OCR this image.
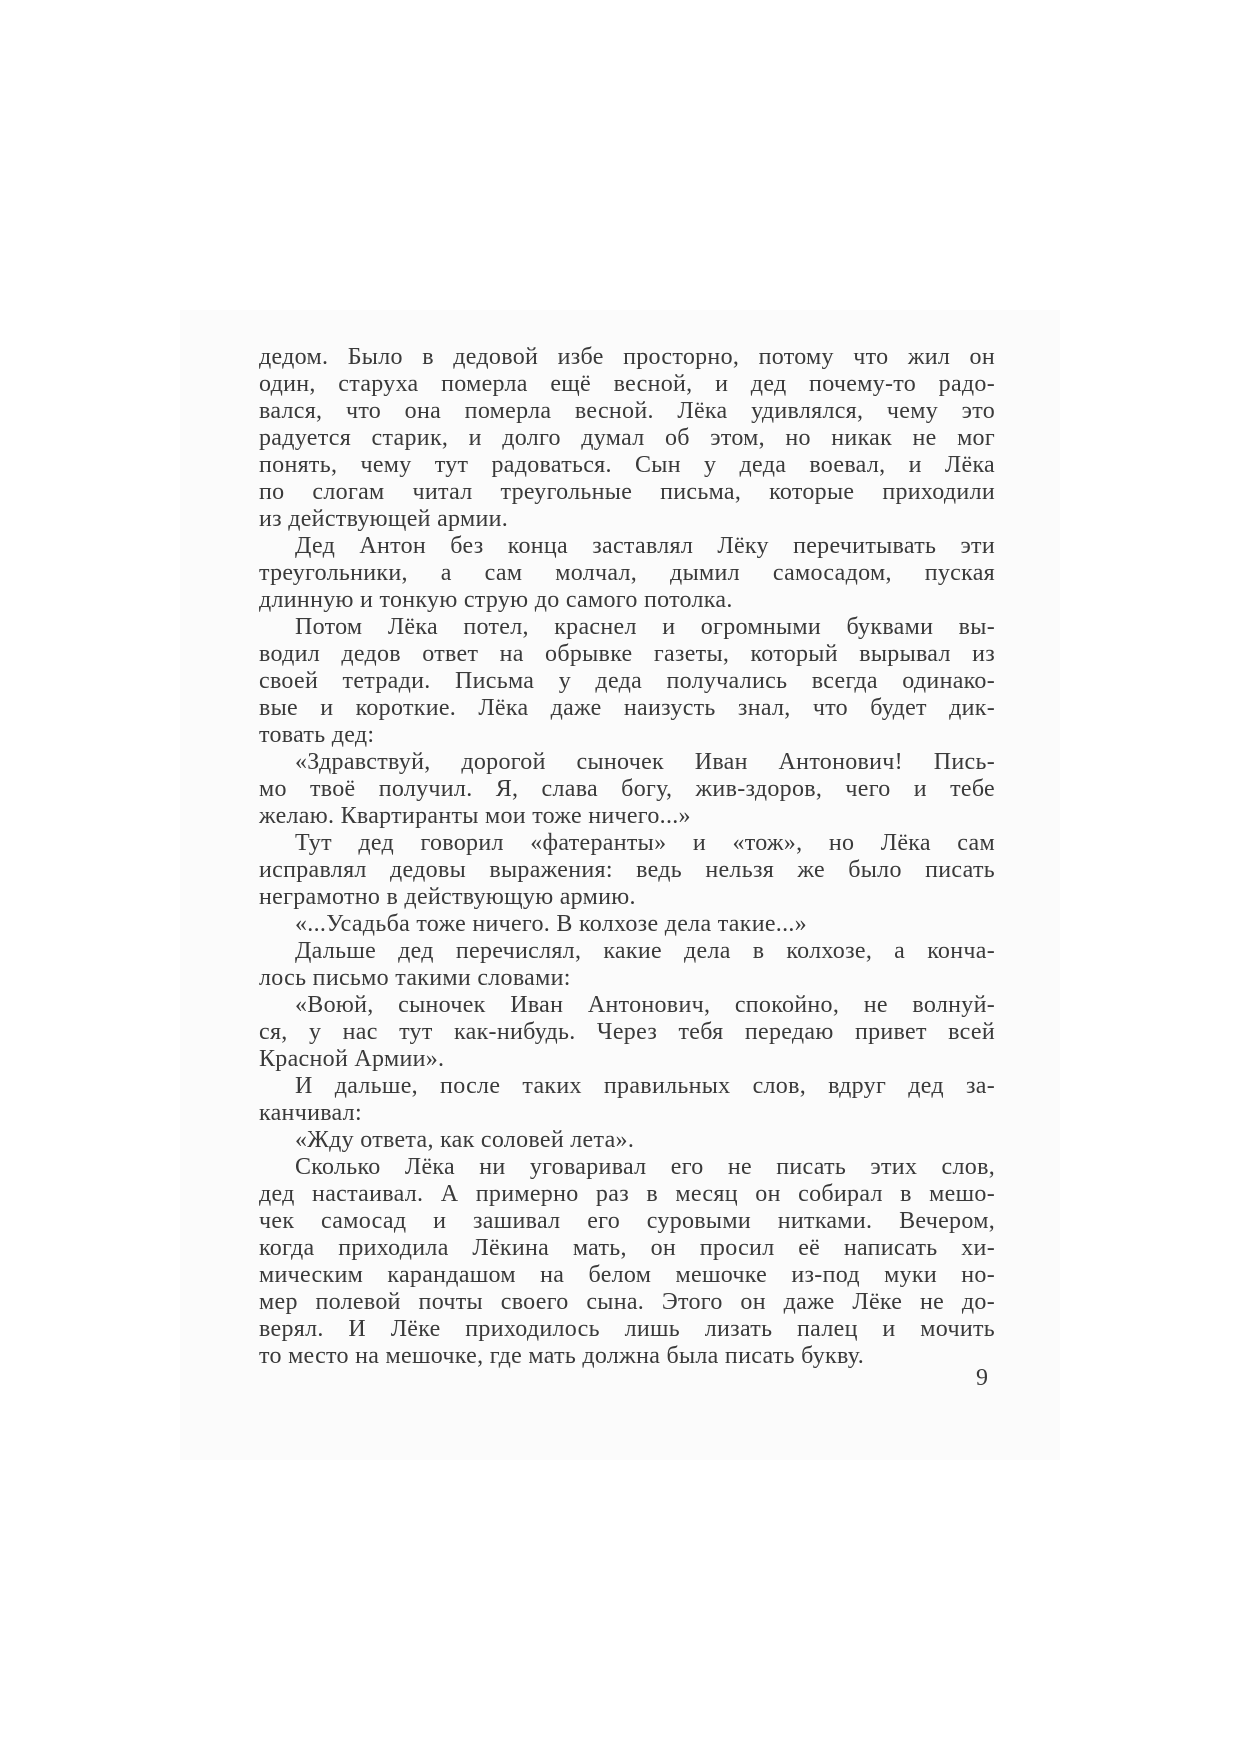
дедом. Было в дедовой избе просторно, потому что жил он
один, старуха померла ещё весной, и дед почему-то радо-
вался, что она померла весной. Лёка удивлялся, чему это
радуется старик, и долго думал об этом, но никак не мог
понять, чему тут радоваться. Сын у деда воевал, и Лёка
по слогам читал треугольные письма, которые приходили
из действующей армии.
Дед Антон без конца заставлял Лёку перечитывать эти
треугольники, а сам молчал, дымил самосадом, пуская
длинную и тонкую струю до самого потолка.
Потом Лёка потел, краснел и огромными буквами вы-
водил дедов ответ на обрывке газеты, который вырывал из
своей тетради. Письма у деда получались всегда одинако-
вые и короткие. Лёка даже наизусть знал, что будет дик-
товать дед:
«Здравствуй, дорогой сыночек Иван Антонович! Пись-
мо твоё получил. Я, слава богу, жив-здоров, чего и тебе
желаю. Квартиранты мои тоже ничего...»
Тут дед говорил «фатеранты» и «тож», но Лёка сам
исправлял дедовы выражения: ведь нельзя же было писать
неграмотно в действующую армию.
«...Усадьба тоже ничего. В колхозе дела такие...»
Дальше дед перечислял, какие дела в колхозе, а конча-
лось письмо такими словами:
«Воюй, сыночек Иван Антонович, спокойно, не волнуй-
ся, у нас тут как-нибудь. Через тебя передаю привет всей
Красной Армии».
И дальше, после таких правильных слов, вдруг дед за-
канчивал:
«Жду ответа, как соловей лета».
Сколько Лёка ни уговаривал его не писать этих слов,
дед настаивал. А примерно раз в месяц он собирал в мешо-
чек самосад и зашивал его суровыми нитками. Вечером,
когда приходила Лёкина мать, он просил её написать хи-
мическим карандашом на белом мешочке из-под муки но-
мер полевой почты своего сына. Этого он даже Лёке не до-
верял. И Лёке приходилось лишь лизать палец и мочить
то место на мешочке, где мать должна была писать букву.
9
